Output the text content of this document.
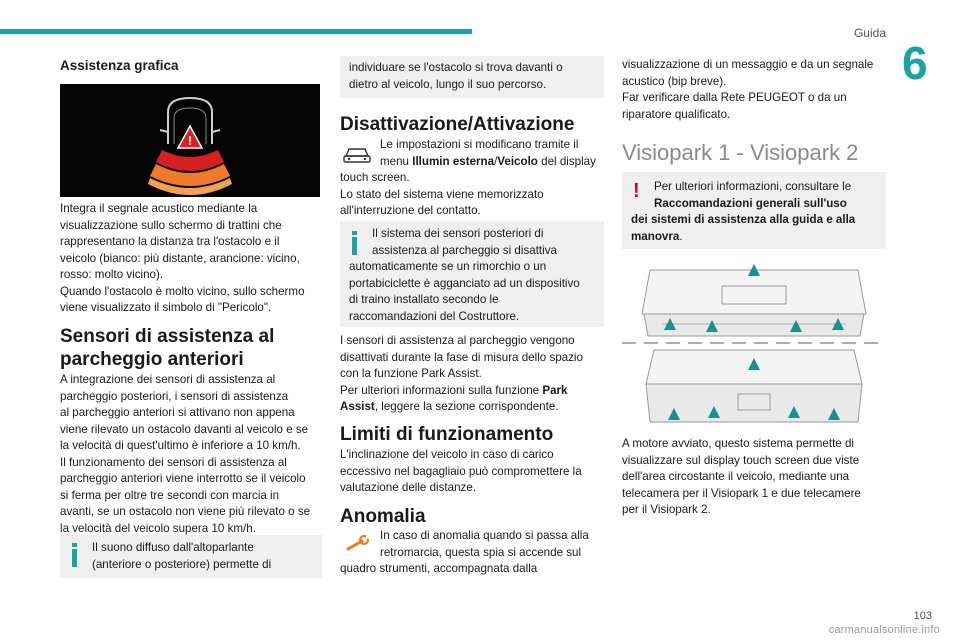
Guida
6
Assistenza grafica
!
Integra il segnale acustico mediante la
visualizzazione sullo schermo di trattini che
rappresentano la distanza tra l'ostacolo e il
veicolo (bianco: più distante, arancione: vicino,
rosso: molto vicino).
Quando l'ostacolo è molto vicino, sullo schermo
viene visualizzato il simbolo di "Pericolo".
Sensori di assistenza al
parcheggio anteriori
A integrazione dei sensori di assistenza al
parcheggio posteriori, i sensori di assistenza
al parcheggio anteriori si attivano non appena
viene rilevato un ostacolo davanti al veicolo e se
la velocità di quest'ultimo è inferiore a 10 km/h.
Il funzionamento dei sensori di assistenza al
parcheggio anteriori viene interrotto se il veicolo
si ferma per oltre tre secondi con marcia in
avanti, se un ostacolo non viene più rilevato o se
la velocità del veicolo supera 10 km/h.
Il suono diffuso dall'altoparlante
(anteriore o posteriore) permette di
individuare se l'ostacolo si trova davanti o
dietro al veicolo, lungo il suo percorso.
Disattivazione/Attivazione
Le impostazioni si modificano tramite il
menu Illumin esterna/Veicolo del display
touch screen.
Lo stato del sistema viene memorizzato
all'interruzione del contatto.
Il sistema dei sensori posteriori di
assistenza al parcheggio si disattiva
automaticamente se un rimorchio o un
portabiciclette è agganciato ad un dispositivo
di traino installato secondo le
raccomandazioni del Costruttore.
I sensori di assistenza al parcheggio vengono
disattivati durante la fase di misura dello spazio
con la funzione Park Assist.
Per ulteriori informazioni sulla funzione Park
Assist, leggere la sezione corrispondente.
Limiti di funzionamento
L'inclinazione del veicolo in caso di carico
eccessivo nel bagagliaio può compromettere la
valutazione delle distanze.
Anomalia
In caso di anomalia quando si passa alla
retromarcia, questa spia si accende sul
quadro strumenti, accompagnata dalla
visualizzazione di un messaggio e da un segnale
acustico (bip breve).
Far verificare dalla Rete PEUGEOT o da un
riparatore qualificato.
Visiopark 1 - Visiopark 2
!	Per ulteriori informazioni, consultare le
Raccomandazioni generali sull'uso
dei sistemi di assistenza alla guida e alla
manovra.
A motore avviato, questo sistema permette di
visualizzare sul display touch screen due viste
dell'area circostante il veicolo, mediante una
telecamera per il Visiopark 1 e due telecamere
per il Visiopark 2.
103
carmanualsonline.info
